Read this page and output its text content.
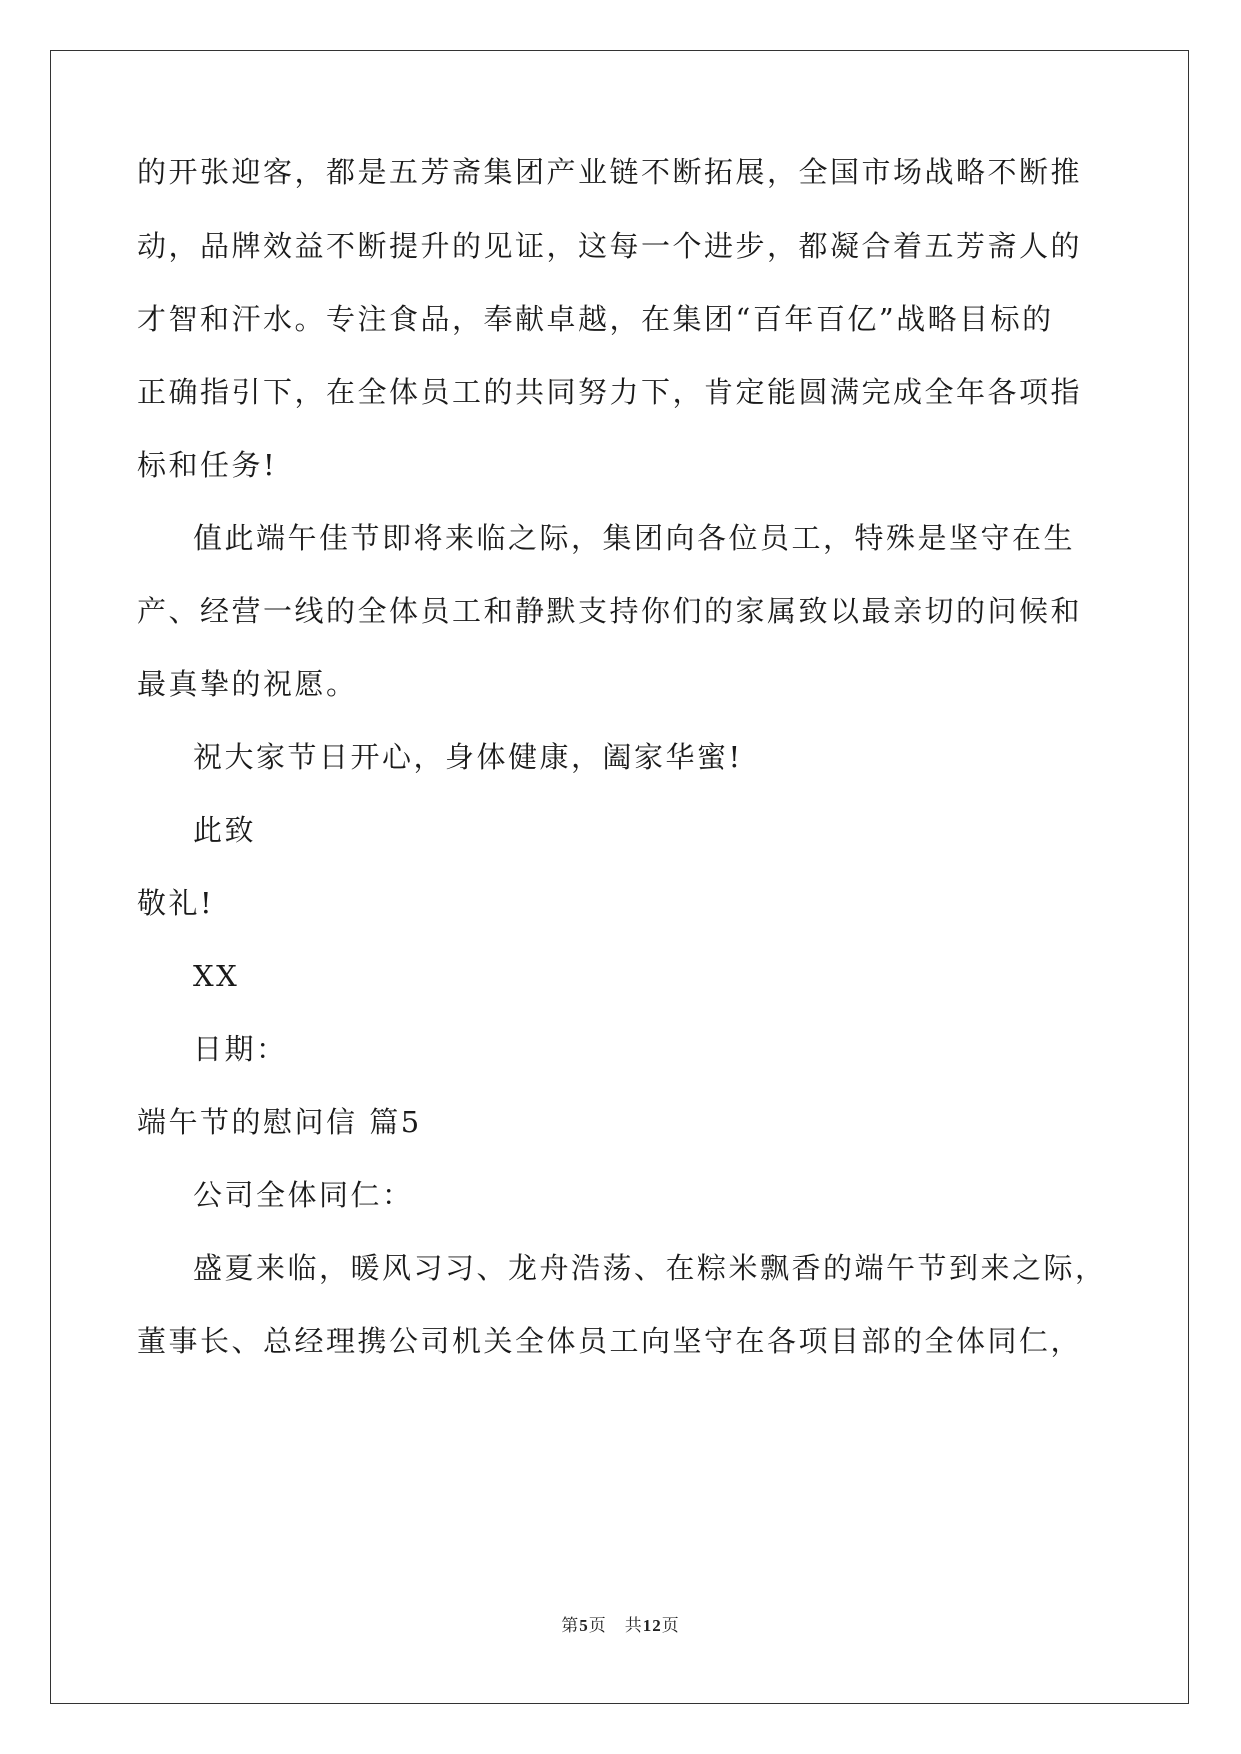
的开张迎客，都是五芳斋集团产业链不断拓展，全国市场战略不断推
动，品牌效益不断提升的见证，这每一个进步，都凝合着五芳斋人的
才智和汗水。专注食品，奉献卓越，在集团“百年百亿”战略目标的
正确指引下，在全体员工的共同努力下，肯定能圆满完成全年各项指
标和任务!
值此端午佳节即将来临之际，集团向各位员工，特殊是坚守在生
产、经营一线的全体员工和静默支持你们的家属致以最亲切的问候和
最真挚的祝愿。
祝大家节日开心，身体健康，阖家华蜜!
此致
敬礼!
XX
日期：
端午节的慰问信 篇5
公司全体同仁：
盛夏来临，暖风习习、龙舟浩荡、在粽米飘香的端午节到来之际，
董事长、总经理携公司机关全体员工向坚守在各项目部的全体同仁，
第5页　共12页
